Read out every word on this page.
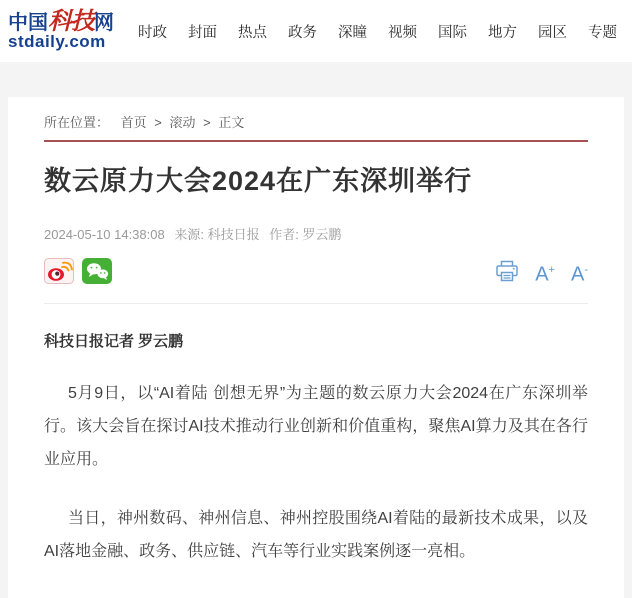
中国科技网
stdaily.com	时政 封面 热点 政务 深瞳 视频 国际 地方 园区 专题
所在位置： 首页 > 滚动 > 正文
数云原力大会2024在广东深圳举行
2024-05-10 14:38:08 来源: 科技日报 作者: 罗云鹏
A+ A-

科技日报记者 罗云鹏

5月9日，以“AI着陆 创想无界”为主题的数云原力大会2024在广东深圳举行。该大会旨在探讨AI技术推动行业创新和价值重构，聚焦AI算力及其在各行业应用。

当日，神州数码、神州信息、神州控股围绕AI着陆的最新技术成果，以及AI落地金融、政务、供应链、汽车等行业实践案例逐一亮相。
